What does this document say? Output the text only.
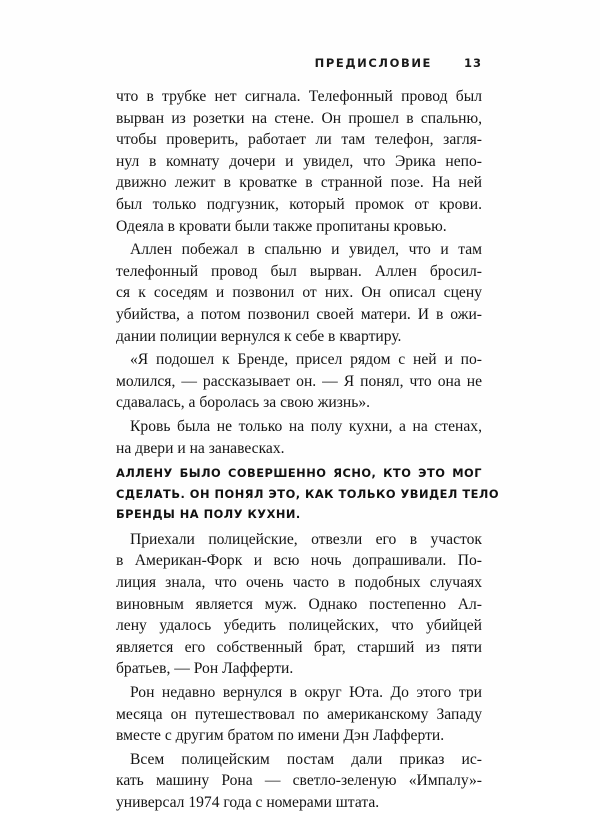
ПРЕДИСЛОВИЕ	13
что в трубке нет сигнала. Телефонный провод был
вырван из розетки на стене. Он прошел в спальню,
чтобы проверить, работает ли там телефон, загля-
нул в комнату дочери и увидел, что Эрика непо-
движно лежит в кроватке в странной позе. На ней
был только подгузник, который промок от крови.
Одеяла в кровати были также пропитаны кровью.
Аллен побежал в спальню и увидел, что и там
телефонный провод был вырван. Аллен бросил-
ся к соседям и позвонил от них. Он описал сцену
убийства, а потом позвонил своей матери. И в ожи-
дании полиции вернулся к себе в квартиру.
«Я подошел к Бренде, присел рядом с ней и по-
молился, — рассказывает он. — Я понял, что она не
сдавалась, а боролась за свою жизнь».
Кровь была не только на полу кухни, а на стенах,
на двери и на занавесках.
АЛЛЕНУ БЫЛО СОВЕРШЕННО ЯСНО, КТО ЭТО МОГ
СДЕЛАТЬ. ОН ПОНЯЛ ЭТО, КАК ТОЛЬКО УВИДЕЛ ТЕЛО
БРЕНДЫ НА ПОЛУ КУХНИ.
Приехали полицейские, отвезли его в участок
в Американ-Форк и всю ночь допрашивали. По-
лиция знала, что очень часто в подобных случаях
виновным является муж. Однако постепенно Ал-
лену удалось убедить полицейских, что убийцей
является его собственный брат, старший из пяти
братьев, — Рон Лафферти.
Рон недавно вернулся в округ Юта. До этого три
месяца он путешествовал по американскому Западу
вместе с другим братом по имени Дэн Лафферти.
Всем полицейским постам дали приказ ис-
кать машину Рона — светло-зеленую «Импалу»-
универсал 1974 года с номерами штата.
